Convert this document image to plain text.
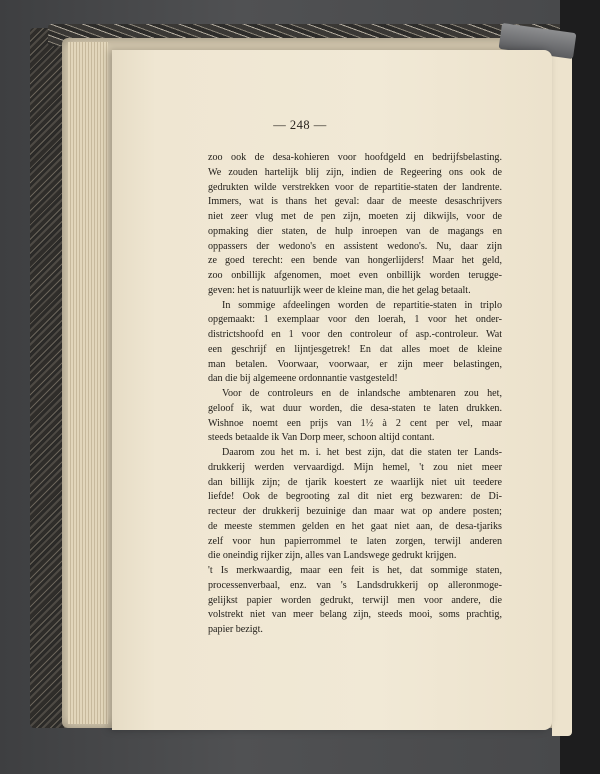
— 248 —
zoo ook de desa-kohieren voor hoofdgeld en bedrijfsbelasting.
We zouden hartelijk blij zijn, indien de Regeering ons ook de
gedrukten wilde verstrekken voor de repartitie-staten der landrente.
Immers, wat is thans het geval: daar de meeste desaschrijvers
niet zeer vlug met de pen zijn, moeten zij dikwijls, voor de
opmaking dier staten, de hulp inroepen van de magangs en
oppassers der wedono's en assistent wedono's. Nu, daar zijn
ze goed terecht: een bende van hongerlijders! Maar het geld,
zoo onbillijk afgenomen, moet even onbillijk worden terugge-
geven: het is natuurlijk weer de kleine man, die het gelag betaalt.
In sommige afdeelingen worden de repartitie-staten in triplo
opgemaakt: 1 exemplaar voor den loerah, 1 voor het onder-
districtshoofd en 1 voor den controleur of asp.-controleur. Wat
een geschrijf en lijntjesgetrek! En dat alles moet de kleine
man betalen. Voorwaar, voorwaar, er zijn meer belastingen,
dan die bij algemeene ordonnantie vastgesteld!
Voor de controleurs en de inlandsche ambtenaren zou het,
geloof ik, wat duur worden, die desa-staten te laten drukken.
Wishnoe noemt een prijs van 1½ à 2 cent per vel, maar
steeds betaalde ik Van Dorp meer, schoon altijd contant.
Daarom zou het m. i. het best zijn, dat die staten ter Lands-
drukkerij werden vervaardigd. Mijn hemel, 't zou niet meer
dan billijk zijn; de tjarik koestert ze waarlijk niet uit teedere
liefde! Ook de begrooting zal dit niet erg bezwaren: de Di-
recteur der drukkerij bezuinige dan maar wat op andere posten;
de meeste stemmen gelden en het gaat niet aan, de desa-tjariks
zelf voor hun papierrommel te laten zorgen, terwijl anderen
die oneindig rijker zijn, alles van Landswege gedrukt krijgen.
't Is merkwaardig, maar een feit is het, dat sommige staten,
processenverbaal, enz. van 's Landsdrukkerij op alleronmoge-
gelijkst papier worden gedrukt, terwijl men voor andere, die
volstrekt niet van meer belang zijn, steeds mooi, soms prachtig,
papier bezigt.
